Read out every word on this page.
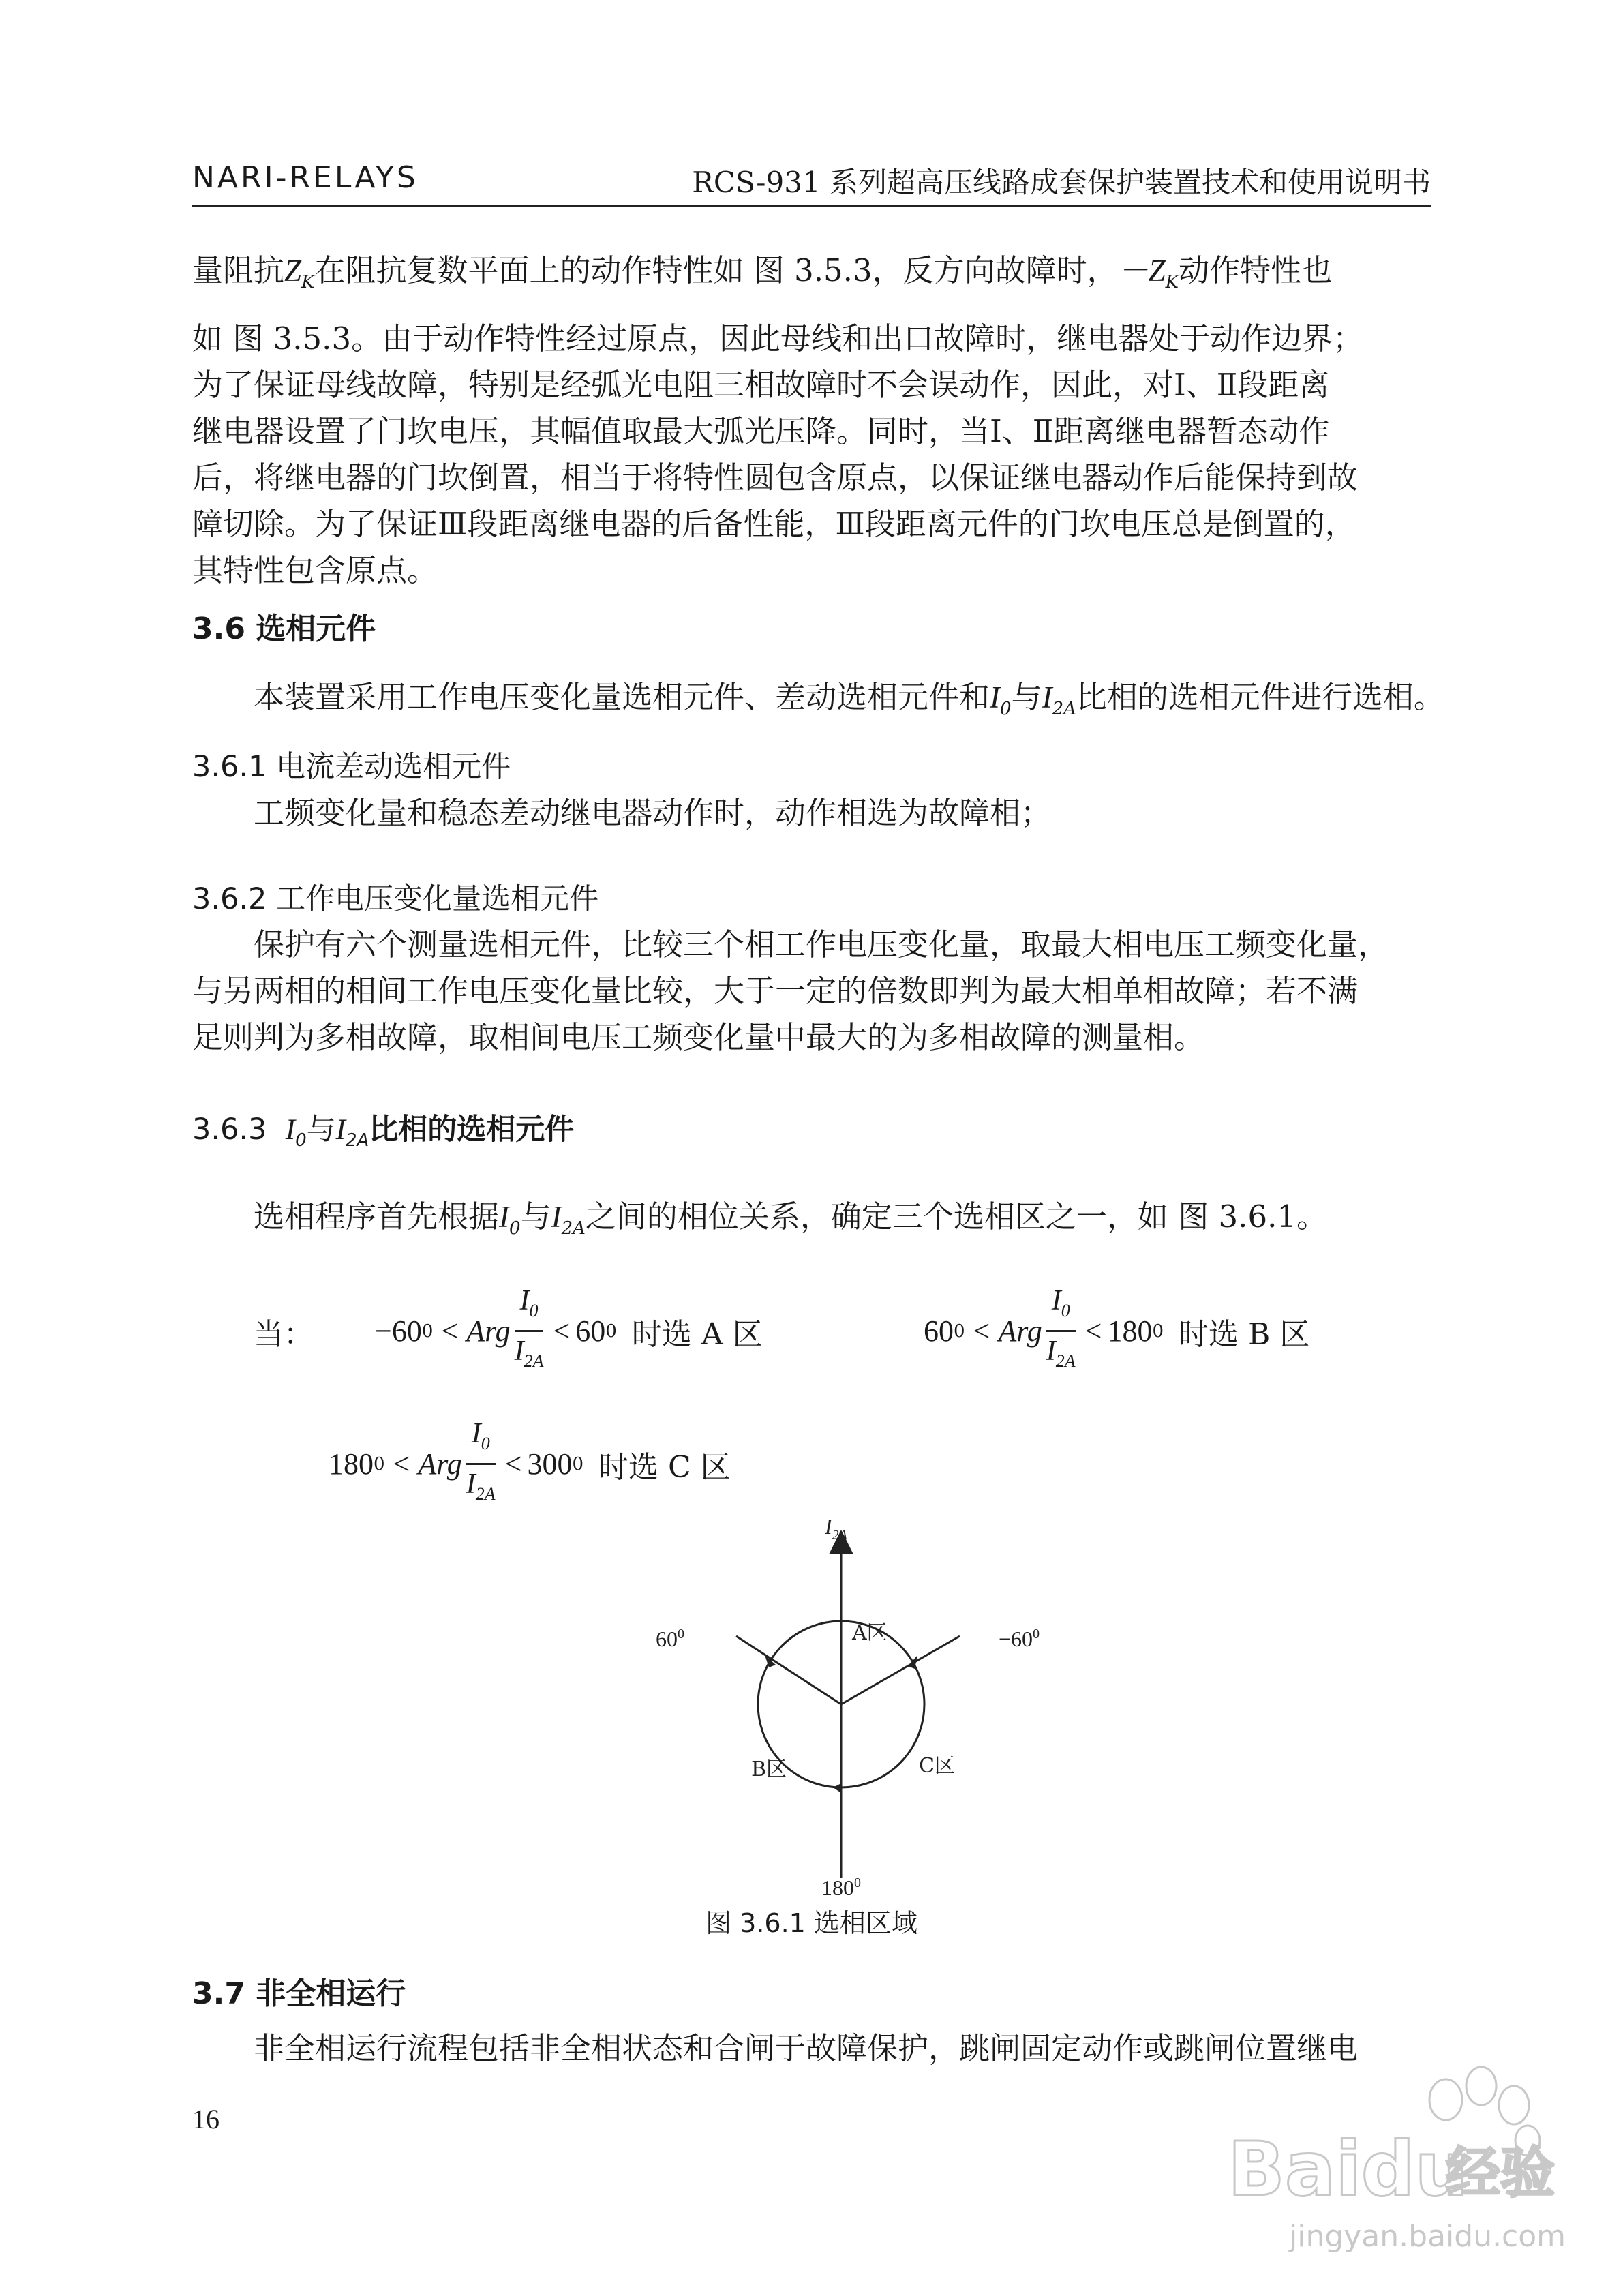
NARI-RELAYS	RCS-931 系列超高压线路成套保护装置技术和使用说明书
量阻抗$Z_K$在阻抗复数平面上的动作特性如 图 3.5.3，反方向故障时，$-Z_K$动作特性也
如 图 3.5.3。由于动作特性经过原点，因此母线和出口故障时，继电器处于动作边界；
为了保证母线故障，特别是经弧光电阻三相故障时不会误动作，因此，对Ⅰ、Ⅱ段距离
继电器设置了门坎电压，其幅值取最大弧光压降。同时，当Ⅰ、Ⅱ距离继电器暂态动作
后，将继电器的门坎倒置，相当于将特性圆包含原点，以保证继电器动作后能保持到故
障切除。为了保证Ⅲ段距离继电器的后备性能，Ⅲ段距离元件的门坎电压总是倒置的，
其特性包含原点。
3.6 选相元件
本装置采用工作电压变化量选相元件、差动选相元件和$I_0$与$I_{2A}$比相的选相元件进行选相。
3.6.1 电流差动选相元件
工频变化量和稳态差动继电器动作时，动作相选为故障相；
3.6.2 工作电压变化量选相元件
保护有六个测量选相元件，比较三个相工作电压变化量，取最大相电压工频变化量，
与另两相的相间工作电压变化量比较，大于一定的倍数即判为最大相单相故障；若不满
足则判为多相故障，取相间电压工频变化量中最大的为多相故障的测量相。
3.6.3 $I_0$与$I_{2A}$比相的选相元件
选相程序首先根据$I_0$与$I_{2A}$之间的相位关系，确定三个选相区之一，如 图 3.6.1。
当： −60 0 < Arg $\frac{I_0}{I_{2A}} < 60$ 0 时选 A 区	60 0 < Arg $\frac{I_0}{I_{2A}} < 180$ 0 时选 B 区
180 0 < Arg $\frac{I_0}{I_{2A}} < 300$ 0 时选 C 区
$I_{2A}$
A区
B区	C区
$60^0$	$-60^0$
$180^0$
图 3.6.1 选相区域
3.7 非全相运行
非全相运行流程包括非全相状态和合闸于故障保护，跳闸固定动作或跳闸位置继电
16
Baidu
经验
jingyan.baidu.com
